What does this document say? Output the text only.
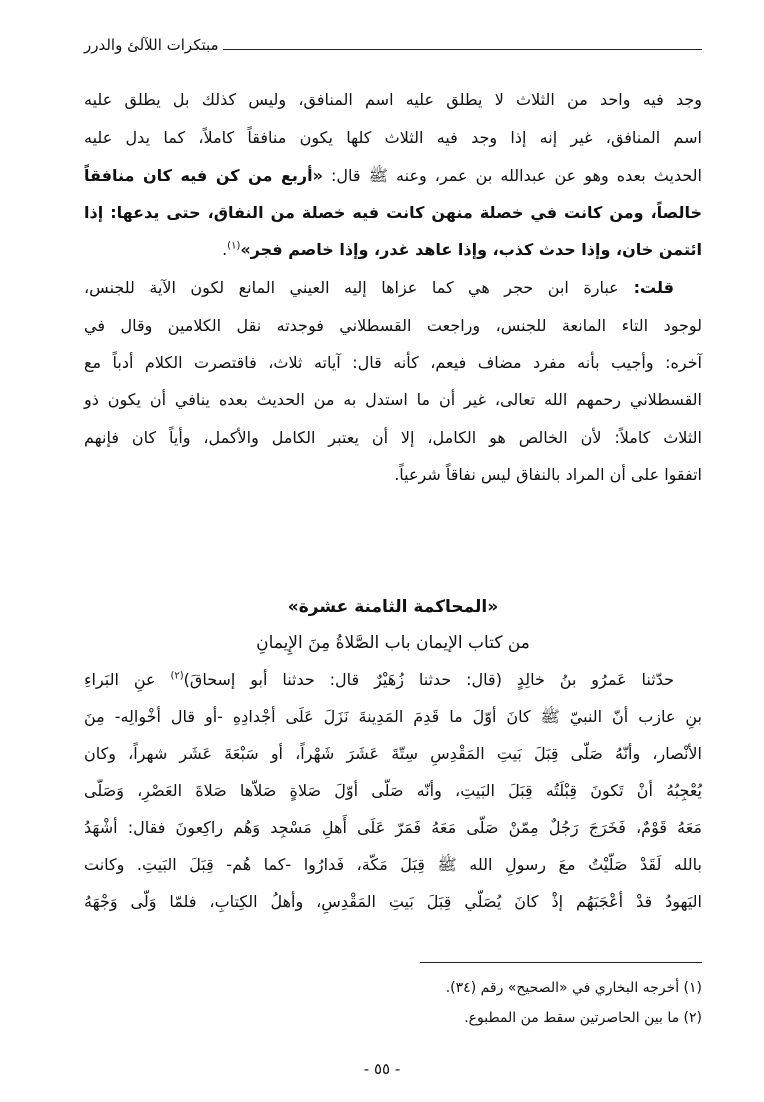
مبتكرات اللآلئ والدرر
وجد فيه واحد من الثلاث لا يطلق عليه اسم المنافق، وليس كذلك بل يطلق عليه
اسم المنافق، غير إنه إذا وجد فيه الثلاث كلها يكون منافقاً كاملاً، كما يدل عليه
الحديث بعده وهو عن عبدالله بن عمر، وعنه ﷺ قال: «أربع من كن فيه كان منافقاً
خالصاً، ومن كانت في خصلة منهن كانت فيه خصلة من النفاق، حتى يدعها: إذا
ائتمن خان، وإذا حدث كذب، وإذا عاهد غدر، وإذا خاصم فجر»$^{(١)}$.
قلت: عبارة ابن حجر هي كما عزاها إليه العيني المانع لكون الآية للجنس،
لوجود التاء المانعة للجنس، وراجعت القسطلاني فوجدته نقل الكلامين وقال في
آخره: وأجيب بأنه مفرد مضاف فيعم، كأنه قال: آياته ثلاث، فاقتصرت الكلام أدباً مع
القسطلاني رحمهم الله تعالى، غير أن ما استدل به من الحديث بعده ينافي أن يكون ذو
الثلاث كاملاً: لأن الخالص هو الكامل، إلا أن يعتبر الكامل والأكمل، وأياً كان فإنهم
اتفقوا على أن المراد بالنفاق ليس نفاقاً شرعياً.
«المحاكمة الثامنة عشرة»
من كتاب الإيمان باب الصَّلاةُ مِنَ الإِيمانِ
حدّثنا عَمرُو بنُ خالِدٍ (قال: حدثنا زُهَيْرٌ قال: حدثنا أبو إسحاقَ)$^{(٢)}$ عنِ البَراءِ
بنِ عازب أنّ النبيّ ﷺ كانَ أوّلَ ما قَدِمَ المَدِينةَ نَزَلَ عَلَى أجْدادِهِ -أو قال أخْوالِه- مِنَ
الأنْصار، وأنّهُ صَلّى قِبَلَ بَيتِ المَقْدِسِ سِتّةَ عَشَرَ شَهْراً، أو سَبْعَةَ عَشَر شهراً، وكان
يُعْجِبُهُ أنْ تَكونَ قِبْلَتُه قِبَلَ البَيتِ، وأنّه صَلّى أوّلَ صَلاةٍ صَلاّها صَلاةَ العَصْرِ، وَصَلّى
مَعَهُ قَوْمٌ، فَخَرَجَ رَجُلٌ مِمّنْ صَلّى مَعَهُ فَمَرّ عَلَى أَهلِ مَسْجِد وَهُم راكِعونَ فقال: أشْهَدُ
بالله لَقَدْ صَلّيْتُ معَ رسولِ الله ﷺ قِبَلَ مَكّة، فَدارُوا -كما هُم- قِبَلَ البَيتِ. وكانت
اليَهودُ قدْ أعْجَبَهُم إذْ كانَ يُصَلّي قِبَلَ بَيتِ المَقْدِسِ، وأهلُ الكِتابِ، فلمّا وَلّى وَجْهَهُ
(١) أخرجه البخاري في «الصحيح» رقم (٣٤).
(٢) ما بين الحاصرتين سقط من المطبوع.
- ٥٥ -
